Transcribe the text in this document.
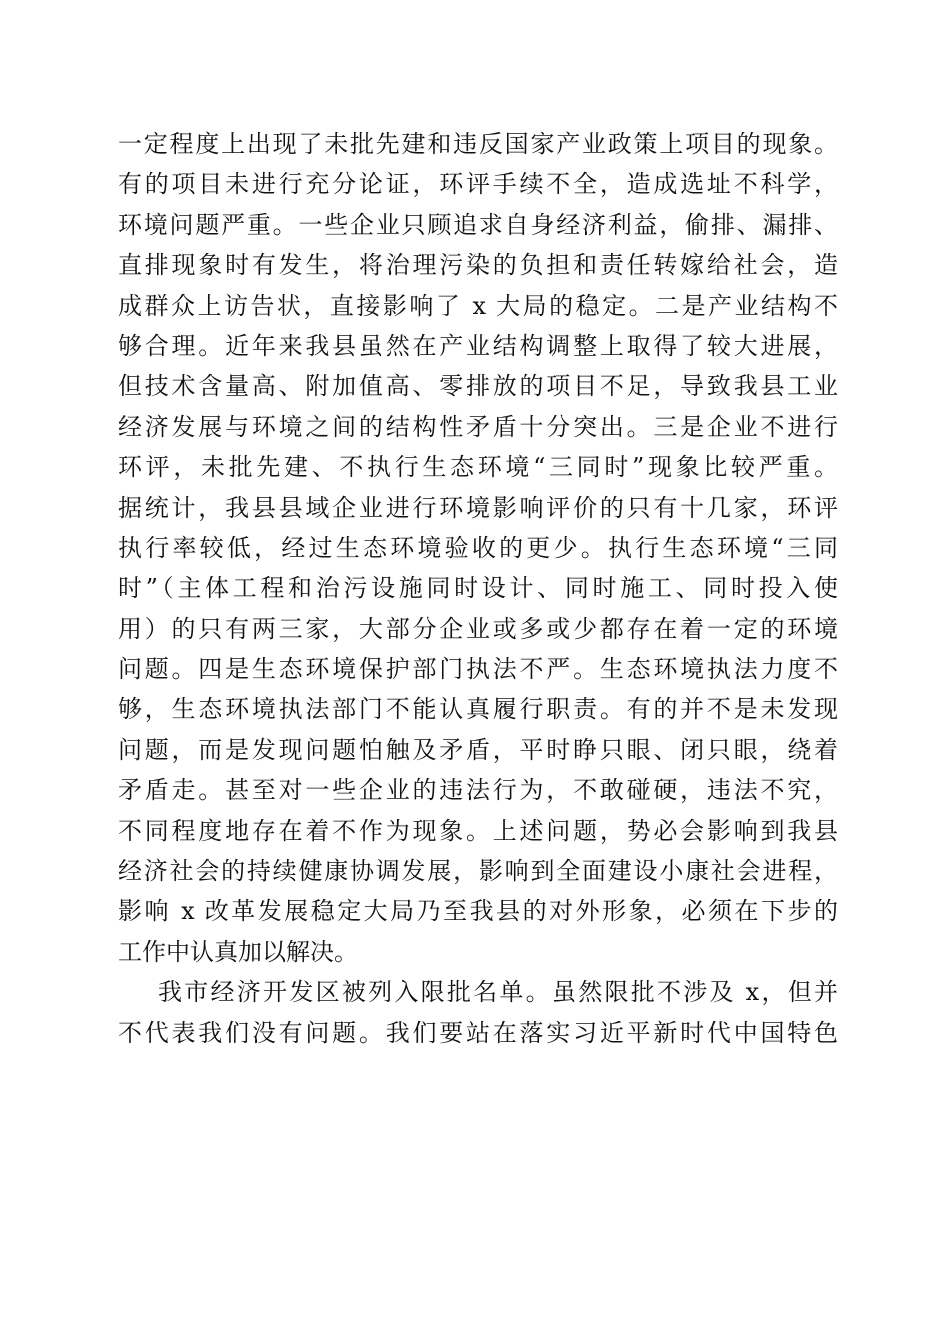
一定程度上出现了未批先建和违反国家产业政策上项目的现象。
有的项目未进行充分论证，环评手续不全，造成选址不科学，
环境问题严重。一些企业只顾追求自身经济利益，偷排、漏排、
直排现象时有发生，将治理污染的负担和责任转嫁给社会，造
成群众上访告状，直接影响了 x 大局的稳定。二是产业结构不
够合理。近年来我县虽然在产业结构调整上取得了较大进展，
但技术含量高、附加值高、零排放的项目不足，导致我县工业
经济发展与环境之间的结构性矛盾十分突出。三是企业不进行
环评，未批先建、不执行生态环境“三同时”现象比较严重。
据统计，我县县域企业进行环境影响评价的只有十几家，环评
执行率较低，经过生态环境验收的更少。执行生态环境“三同
时”（主体工程和治污设施同时设计、同时施工、同时投入使
用）的只有两三家，大部分企业或多或少都存在着一定的环境
问题。四是生态环境保护部门执法不严。生态环境执法力度不
够，生态环境执法部门不能认真履行职责。有的并不是未发现
问题，而是发现问题怕触及矛盾，平时睁只眼、闭只眼，绕着
矛盾走。甚至对一些企业的违法行为，不敢碰硬，违法不究，
不同程度地存在着不作为现象。上述问题，势必会影响到我县
经济社会的持续健康协调发展，影响到全面建设小康社会进程，
影响 x 改革发展稳定大局乃至我县的对外形象，必须在下步的
工作中认真加以解决。
我市经济开发区被列入限批名单。虽然限批不涉及 x，但并
不代表我们没有问题。我们要站在落实习近平新时代中国特色
